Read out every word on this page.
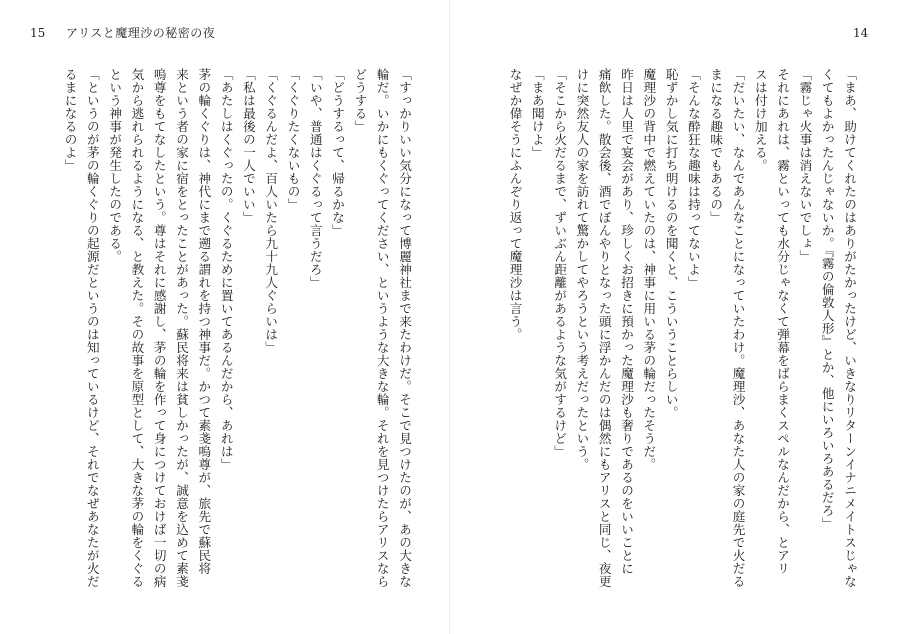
15 アリスと魔理沙の秘密の夜	14
「まあ、助けてくれたのはありがたかったけど、いきなりリターンイナニメイトスじゃな
くてもよかったんじゃないか。『霧の倫敦人形』とか、他にいろいろあるだろ」
「霧じゃ火事は消えないでしょ」
それにあれは、霧といっても水分じゃなくて弾幕をばらまくスペルなんだから、とアリ
スは付け加える。
「だいたい、なんであんなことになっていたわけ。魔理沙、あなた人の家の庭先で火だる
まになる趣味でもあるの」
「そんな酔狂な趣味は持ってないよ」
恥ずかし気に打ち明けるのを聞くと、こういうことらしい。
魔理沙の背中で燃えていたのは、神事に用いる茅の輪だったそうだ。
昨日は人里で宴会があり、珍しくお招きに預かった魔理沙も奢りであるのをいいことに
痛飲した。散会後、酒でぼんやりとなった頭に浮かんだのは偶然にもアリスと同じ、夜更
けに突然友人の家を訪れて驚かしてやろうという考えだったという。
「そこから火だるまで、ずいぶん距離があるような気がするけど」
「まあ聞けよ」
なぜか偉そうにふんぞり返って魔理沙は言う。
「すっかりいい気分になって博麗神社まで来たわけだ。そこで見つけたのが、あの大きな
輪だ。いかにもくぐってください、というような大きな輪。それを見つけたらアリスなら
どうする」
「どうするって、帰るかな」
「いや、普通はくぐるって言うだろ」
「くぐりたくないもの」
「くぐるんだよ、百人いたら九十九人ぐらいは」
「私は最後の一人でいい」
「あたしはくぐったの。くぐるために置いてあるんだから、あれは」
茅の輪くぐりは、神代にまで遡る謂れを持つ神事だ。かつて素戔嗚尊が、旅先で蘇民将
来という者の家に宿をとったことがあった。蘇民将来は貧しかったが、誠意を込めて素戔
嗚尊をもてなしたという。尊はそれに感謝し、茅の輪を作って身につけておけば一切の病
気から逃れられるようになる、と教えた。その故事を原型として、大きな茅の輪をくぐる
という神事が発生したのである。
「というのが茅の輪くぐりの起源だというのは知っているけど、それでなぜあなたが火だ
るまになるのよ」
